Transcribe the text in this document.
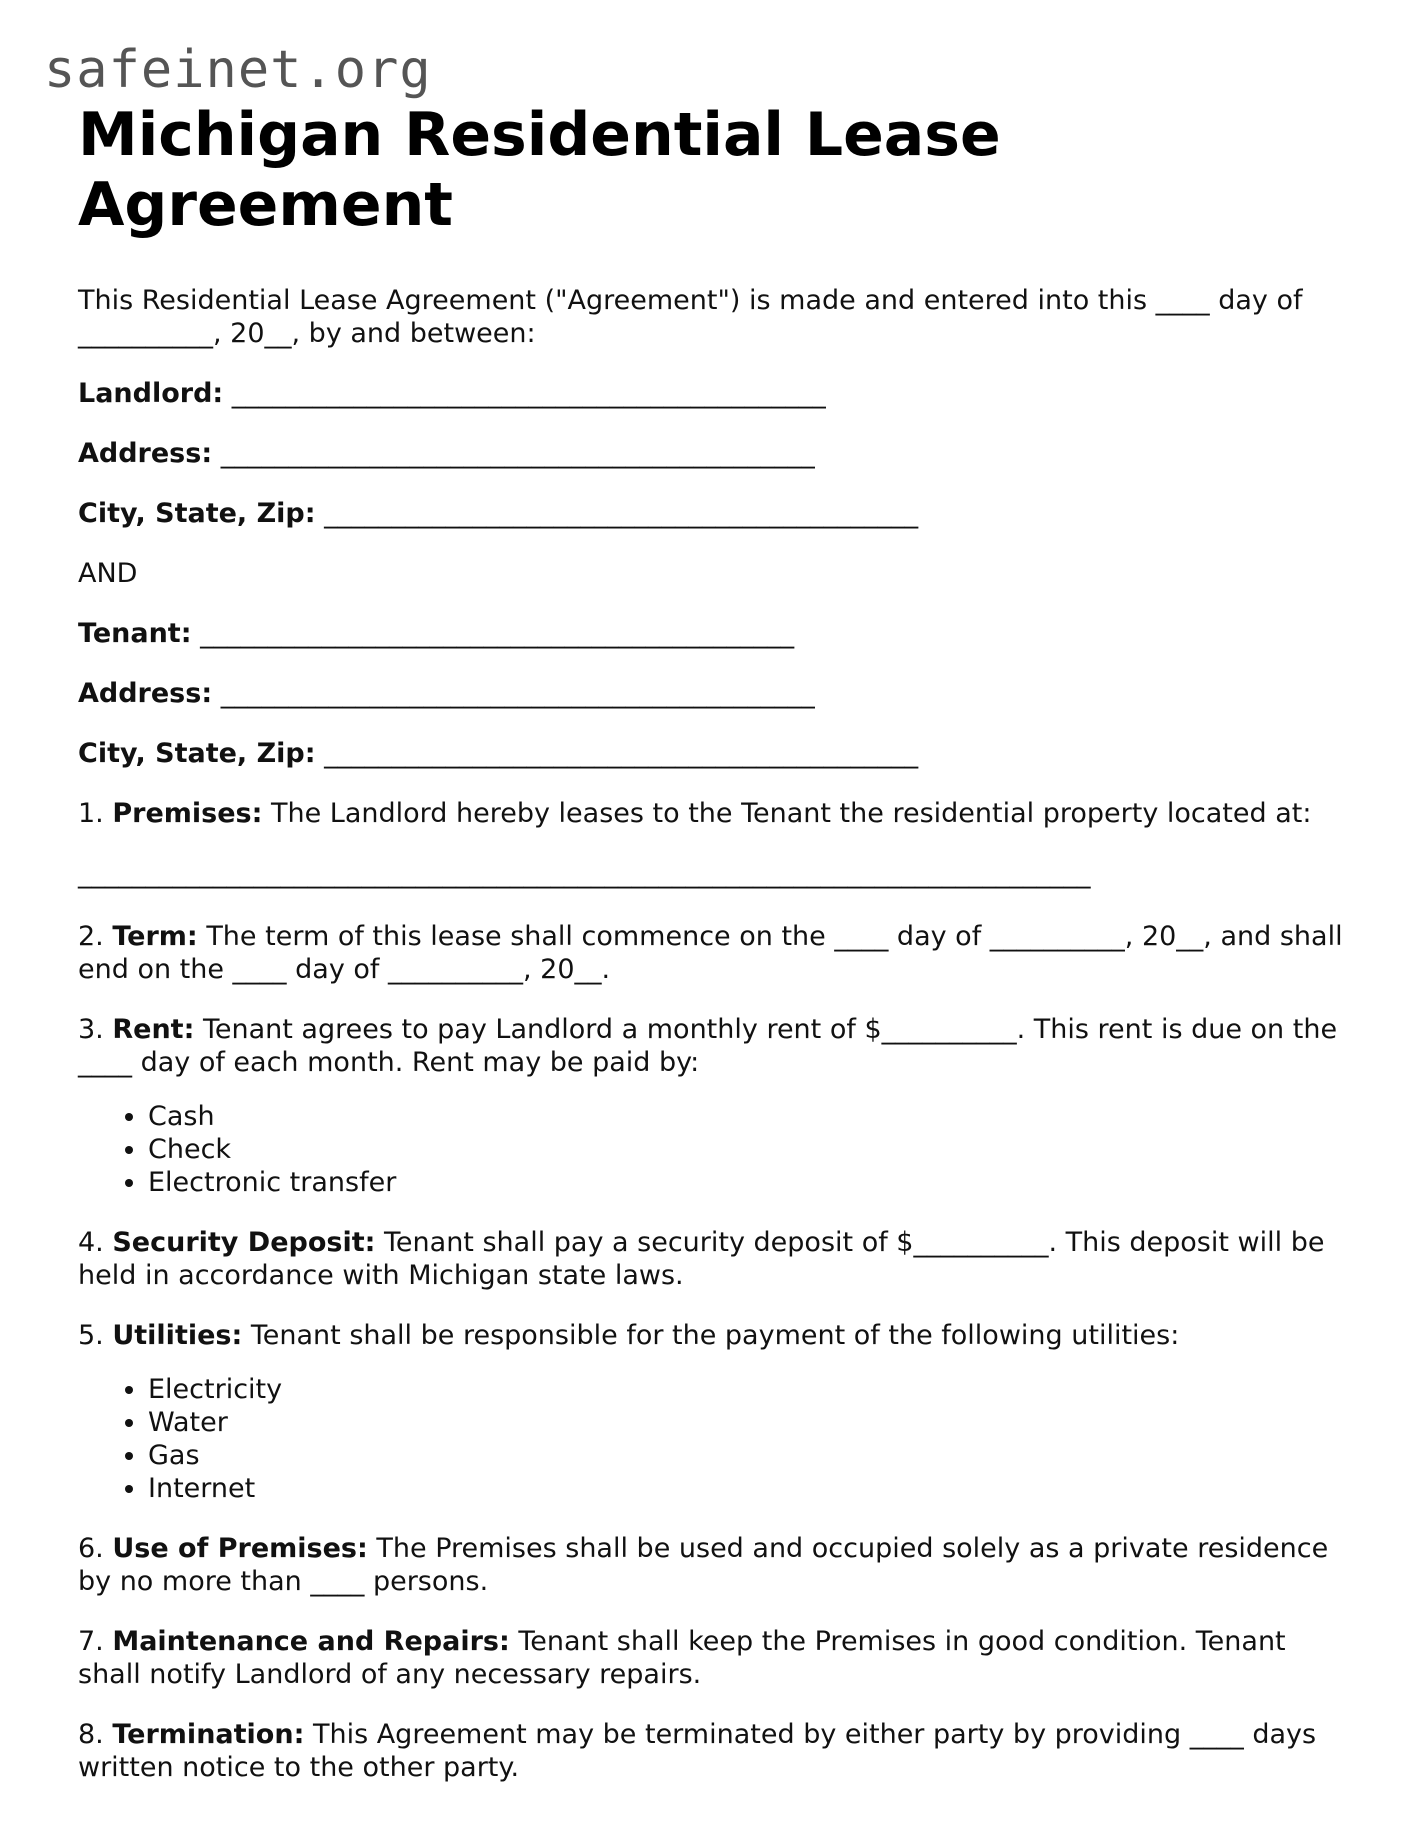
safeinet.org
Michigan Residential Lease Agreement

This Residential Lease Agreement ("Agreement") is made and entered into this ____ day of __________, 20__, by and between:

Landlord: ____________________________________________

Address: ____________________________________________

City, State, Zip: ____________________________________________

AND

Tenant: ____________________________________________

Address: ____________________________________________

City, State, Zip: ____________________________________________

1. Premises: The Landlord hereby leases to the Tenant the residential property located at:

___________________________________________________________________________

2. Term: The term of this lease shall commence on the ____ day of __________, 20__, and shall end on the ____ day of __________, 20__.

3. Rent: Tenant agrees to pay Landlord a monthly rent of $__________. This rent is due on the ____ day of each month. Rent may be paid by:

• Cash
• Check
• Electronic transfer

4. Security Deposit: Tenant shall pay a security deposit of $__________. This deposit will be held in accordance with Michigan state laws.

5. Utilities: Tenant shall be responsible for the payment of the following utilities:

• Electricity
• Water
• Gas
• Internet

6. Use of Premises: The Premises shall be used and occupied solely as a private residence by no more than ____ persons.

7. Maintenance and Repairs: Tenant shall keep the Premises in good condition. Tenant shall notify Landlord of any necessary repairs.

8. Termination: This Agreement may be terminated by either party by providing ____ days written notice to the other party.
